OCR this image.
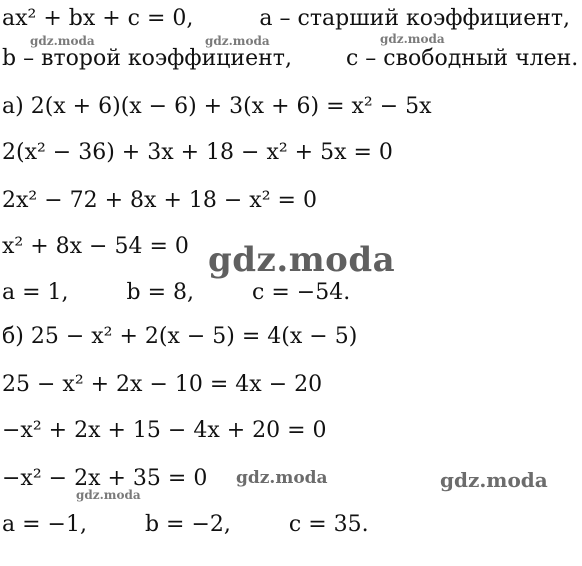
ax² + bx + c = 0,	a – старший коэффициент,
b – второй коэффициент, c – свободный член.
а) 2(x + 6)(x − 6) + 3(x + 6) = x² − 5x
2(x² − 36) + 3x + 18 − x² + 5x = 0
2x² − 72 + 8x + 18 − x² = 0
x² + 8x − 54 = 0
a = 1,	b = 8,	c = −54.
б) 25 − x² + 2(x − 5) = 4(x − 5)
25 − x² + 2x − 10 = 4x − 20
−x² + 2x + 15 − 4x + 20 = 0
−x² − 2x + 35 = 0
a = −1,	b = −2,	c = 35.
gdz.moda	gdz.moda	gdz.moda
gdz.moda
gdz.moda	gdz.moda
gdz.moda
